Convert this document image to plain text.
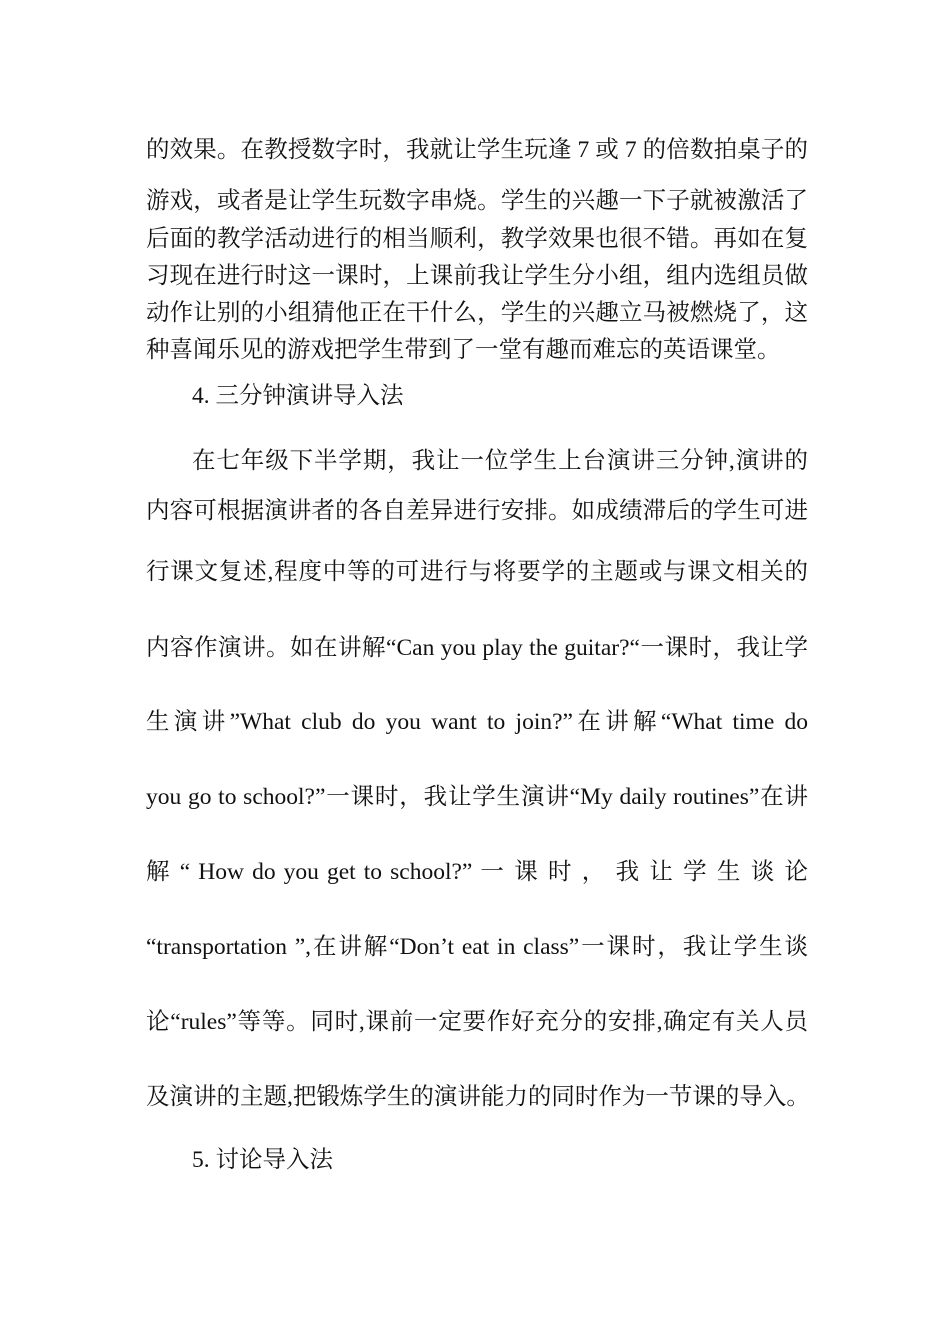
的效果。在教授数字时，我就让学生玩逢 7 或 7 的倍数拍桌子的

游戏，或者是让学生玩数字串烧。学生的兴趣一下子就被激活了

后面的教学活动进行的相当顺利，教学效果也很不错。再如在复

习现在进行时这一课时，上课前我让学生分小组，组内选组员做

动作让别的小组猜他正在干什么，学生的兴趣立马被燃烧了，这

种喜闻乐见的游戏把学生带到了一堂有趣而难忘的英语课堂。

4. 三分钟演讲导入法

在七年级下半学期，我让一位学生上台演讲三分钟,演讲的

内容可根据演讲者的各自差异进行安排。如成绩滞后的学生可进

行课文复述,程度中等的可进行与将要学的主题或与课文相关的

内容作演讲。如在讲解“Can you play the guitar?“一课时，我让学

生演讲”What club do you want to join?”在讲解“What time do

you go to school?”一课时，我让学生演讲“My daily routines”在讲

解 “ How do you get to school?” 一 课 时 ， 我 让 学 生 谈 论

“transportation ”,在讲解“Don’t eat in class”一课时，我让学生谈

论“rules”等等。同时,课前一定要作好充分的安排,确定有关人员

及演讲的主题,把锻炼学生的演讲能力的同时作为一节课的导入。

5. 讨论导入法
